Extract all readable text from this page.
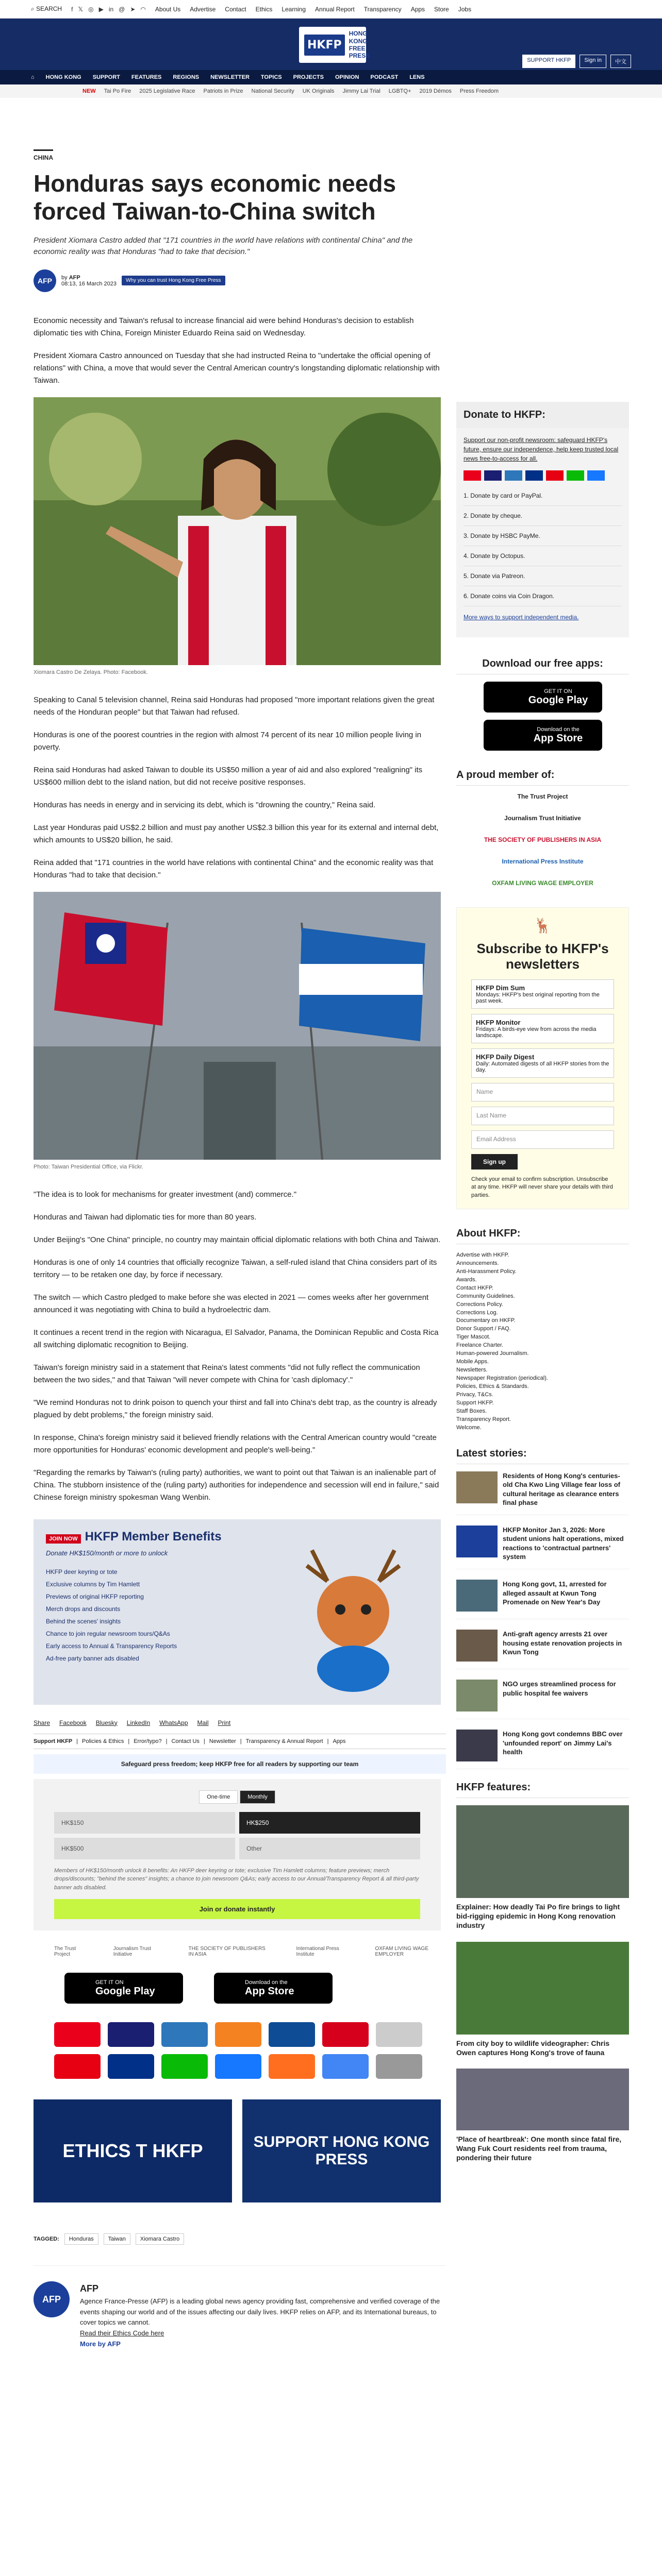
⌕ SEARCH f 𝕏 ◎ ▶ in @ ➤ ◠ About Us Advertise Contact Ethics Learning Annual Report Transparency Apps Store Jobs
HKFP
HONG KONG
FREE PRESS
SUPPORT HKFP	Sign in	中文
⌂ HONG KONG SUPPORT FEATURES REGIONS NEWSLETTER TOPICS PROJECTS OPINION PODCAST LENS
NEW Tai Po Fire 2025 Legislative Race Patriots in Prize National Security UK Originals Jimmy Lai Trial LGBTQ+ 2019 Démos Press Freedom
CHINA
Honduras says economic needs forced Taiwan-to-China switch
President Xiomara Castro added that "171 countries in the world have relations with continental China" and the economic reality was that Honduras "had to take that decision."
AFP	by AFP
08:13, 16 March 2023	Why you can trust Hong Kong Free Press

Economic necessity and Taiwan's refusal to increase financial aid were behind Honduras's decision to establish diplomatic ties with China, Foreign Minister Eduardo Reina said on Wednesday.

President Xiomara Castro announced on Tuesday that she had instructed Reina to "undertake the official opening of relations" with China, a move that would sever the Central American country's longstanding diplomatic relationship with Taiwan.

Xiomara Castro De Zelaya. Photo: Facebook.

Speaking to Canal 5 television channel, Reina said Honduras had proposed "more important relations given the great needs of the Honduran people" but that Taiwan had refused.

Honduras is one of the poorest countries in the region with almost 74 percent of its near 10 million people living in poverty.

Reina said Honduras had asked Taiwan to double its US$50 million a year of aid and also explored "realigning" its US$600 million debt to the island nation, but did not receive positive responses.

Honduras has needs in energy and in servicing its debt, which is "drowning the country," Reina said.

Last year Honduras paid US$2.2 billion and must pay another US$2.3 billion this year for its external and internal debt, which amounts to US$20 billion, he said.

Reina added that "171 countries in the world have relations with continental China" and the economic reality was that Honduras "had to take that decision."

Photo: Taiwan Presidential Office, via Flickr.

"The idea is to look for mechanisms for greater investment (and) commerce."

Honduras and Taiwan had diplomatic ties for more than 80 years.

Under Beijing's "One China" principle, no country may maintain official diplomatic relations with both China and Taiwan.

Honduras is one of only 14 countries that officially recognize Taiwan, a self-ruled island that China considers part of its territory — to be retaken one day, by force if necessary.

The switch — which Castro pledged to make before she was elected in 2021 — comes weeks after her government announced it was negotiating with China to build a hydroelectric dam.

It continues a recent trend in the region with Nicaragua, El Salvador, Panama, the Dominican Republic and Costa Rica all switching diplomatic recognition to Beijing.

Taiwan's foreign ministry said in a statement that Reina's latest comments "did not fully reflect the communication between the two sides," and that Taiwan "will never compete with China for 'cash diplomacy'."

"We remind Honduras not to drink poison to quench your thirst and fall into China's debt trap, as the country is already plagued by debt problems," the foreign ministry said.

In response, China's foreign ministry said it believed friendly relations with the Central American country would "create more opportunities for Honduras' economic development and people's well-being."

"Regarding the remarks by Taiwan's (ruling party) authorities, we want to point out that Taiwan is an inalienable part of China. The stubborn insistence of the (ruling party) authorities for independence and secession will end in failure," said Chinese foreign ministry spokesman Wang Wenbin.

JOIN NOW HKFP Member Benefits
Donate HK$150/month or more to unlock
HKFP deer keyring or tote
Exclusive columns by Tim Hamlett
Previews of original HKFP reporting
Merch drops and discounts
Behind the scenes' insights
Chance to join regular newsroom tours/Q&As
Early access to Annual & Transparency Reports
Ad-free party banner ads disabled
Share Facebook Bluesky LinkedIn WhatsApp Mail Print
Support HKFP | Policies & Ethics | Error/typo? | Contact Us | Newsletter | Transparency & Annual Report | Apps
Safeguard press freedom; keep HKFP free for all readers by supporting our team
One-time	Monthly
HK$150	HK$250
HK$500	Other
Members of HK$150/month unlock 8 benefits: An HKFP deer keyring or tote; exclusive Tim Hamlett columns; feature previews; merch drops/discounts; "behind the scenes" insights; a chance to join newsroom Q&As; early access to our Annual/Transparency Report & all third-party banner ads disabled.
Join or donate instantly
The Trust Project
Journalism Trust Initiative
THE SOCIETY OF PUBLISHERS IN ASIA
International Press Institute
OXFAM LIVING WAGE EMPLOYER
GET IT ON
Google Play
Download on the
App Store
ETHICS T HKFP	SUPPORT HONG KONG PRESS
TAGGED:	Honduras	Taiwan	Xiomara Castro
AFP
AFP
Agence France-Presse (AFP) is a leading global news agency providing fast, comprehensive and verified coverage of the events shaping our world and of the issues affecting our daily lives. HKFP relies on AFP, and its International bureaus, to cover topics we cannot.
Read their Ethics Code here
More by AFP
Donate to HKFP:
Support our non-profit newsroom: safeguard HKFP's future, ensure our independence, help keep trusted local news free-to-access for all.
1. Donate by card or PayPal.
2. Donate by cheque.
3. Donate by HSBC PayMe.
4. Donate by Octopus.
5. Donate via Patreon.
6. Donate coins via Coin Dragon.
More ways to support independent media.
Download our free apps:
GET IT ON
Google Play
Download on the
App Store
A proud member of:
The Trust Project
Journalism Trust Initiative
THE SOCIETY OF PUBLISHERS IN ASIA
International Press Institute
OXFAM LIVING WAGE EMPLOYER
🦌
Subscribe to HKFP's newsletters
HKFP Dim Sum
Mondays: HKFP's best original reporting from the past week.
HKFP Monitor
Fridays: A birds-eye view from across the media landscape.
HKFP Daily Digest
Daily: Automated digests of all HKFP stories from the day.
Name
Last Name
Email Address
Sign up
Check your email to confirm subscription. Unsubscribe at any time. HKFP will never share your details with third parties.
About HKFP:
Advertise with HKFP.
Announcements.
Anti-Harassment Policy.
Awards.
Contact HKFP.
Community Guidelines.
Corrections Policy.
Corrections Log.
Documentary on HKFP.
Donor Support / FAQ.
Tiger Mascot.
Freelance Charter.
Human-powered Journalism.
Mobile Apps.
Newsletters.
Newspaper Registration (periodical).
Policies, Ethics & Standards.
Privacy, T&Cs.
Support HKFP.
Staff Boxes.
Transparency Report.
Welcome.
Latest stories:
Residents of Hong Kong's centuries-old Cha Kwo Ling Village fear loss of cultural heritage as clearance enters final phase
HKFP Monitor Jan 3, 2026: More student unions halt operations, mixed reactions to 'contractual partners' system
Hong Kong govt, 11, arrested for alleged assault at Kwun Tong Promenade on New Year's Day
Anti-graft agency arrests 21 over housing estate renovation projects in Kwun Tong
NGO urges streamlined process for public hospital fee waivers
Hong Kong govt condemns BBC over 'unfounded report' on Jimmy Lai's health
HKFP features:
Explainer: How deadly Tai Po fire brings to light bid-rigging epidemic in Hong Kong renovation industry
From city boy to wildlife videographer: Chris Owen captures Hong Kong's trove of fauna
'Place of heartbreak': One month since fatal fire, Wang Fuk Court residents reel from trauma, pondering their future
